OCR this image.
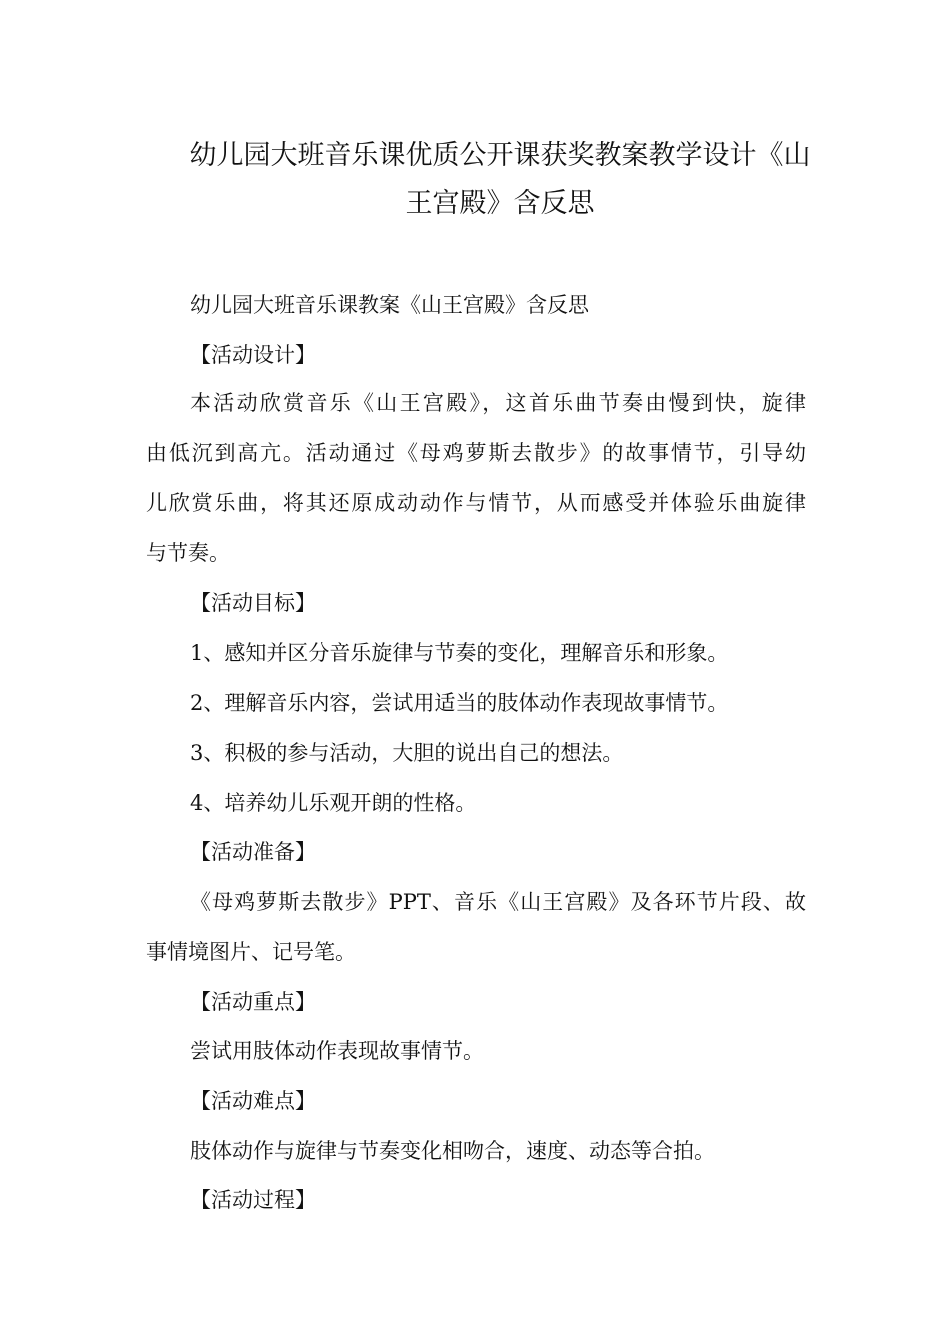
幼儿园大班音乐课优质公开课获奖教案教学设计《山
王宫殿》含反思

幼儿园大班音乐课教案《山王宫殿》含反思

【活动设计】

本活动欣赏音乐《山王宫殿》，这首乐曲节奏由慢到快，旋律

由低沉到高亢。活动通过《母鸡萝斯去散步》的故事情节，引导幼

儿欣赏乐曲，将其还原成动动作与情节，从而感受并体验乐曲旋律

与节奏。

【活动目标】

1、感知并区分音乐旋律与节奏的变化，理解音乐和形象。

2、理解音乐内容，尝试用适当的肢体动作表现故事情节。

3、积极的参与活动，大胆的说出自己的想法。

4、培养幼儿乐观开朗的性格。

【活动准备】

《母鸡萝斯去散步》PPT、音乐《山王宫殿》及各环节片段、故

事情境图片、记号笔。

【活动重点】

尝试用肢体动作表现故事情节。

【活动难点】

肢体动作与旋律与节奏变化相吻合，速度、动态等合拍。

【活动过程】
